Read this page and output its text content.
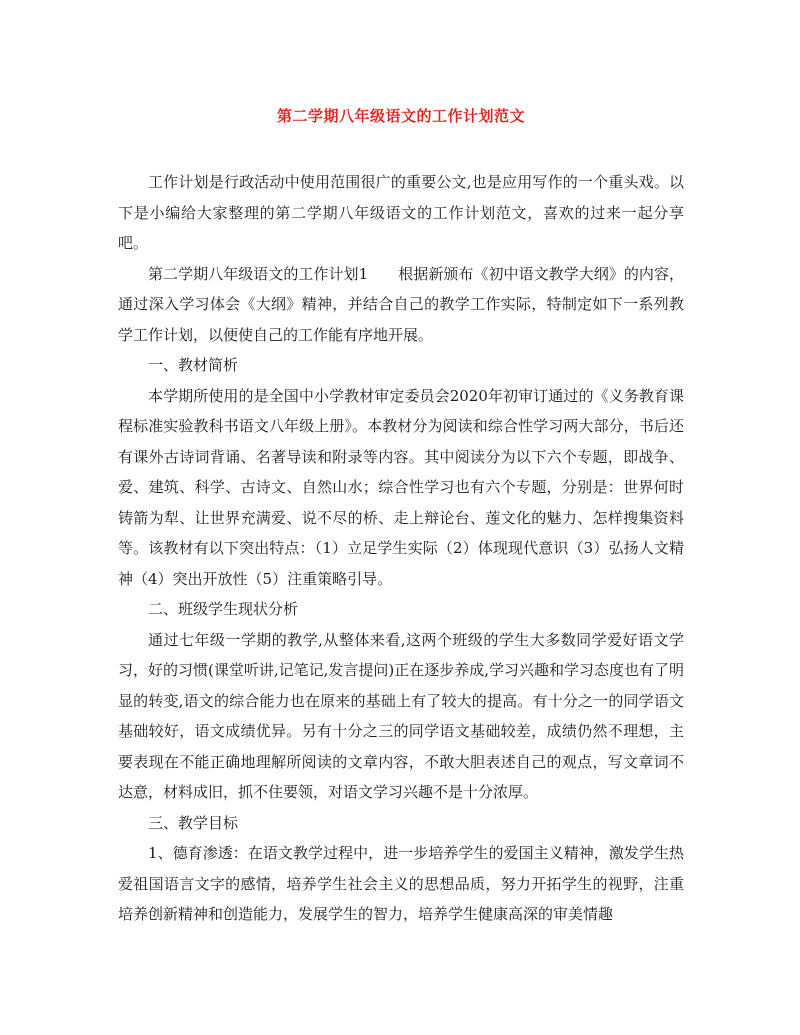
第二学期八年级语文的工作计划范文

工作计划是行政活动中使用范围很广的重要公文,也是应用写作的一个重头戏。以下是小编给大家整理的第二学期八年级语文的工作计划范文，喜欢的过来一起分享吧。

第二学期八年级语文的工作计划1　　根据新颁布《初中语文教学大纲》的内容，通过深入学习体会《大纲》精神，并结合自己的教学工作实际，特制定如下一系列教学工作计划，以便使自己的工作能有序地开展。

一、教材简析

本学期所使用的是全国中小学教材审定委员会2020年初审订通过的《义务教育课程标准实验教科书语文八年级上册》。本教材分为阅读和综合性学习两大部分，书后还有课外古诗词背诵、名著导读和附录等内容。其中阅读分为以下六个专题，即战争、爱、建筑、科学、古诗文、自然山水；综合性学习也有六个专题，分别是：世界何时铸箭为犁、让世界充满爱、说不尽的桥、走上辩论台、莲文化的魅力、怎样搜集资料等。该教材有以下突出特点：（1）立足学生实际（2）体现现代意识（3）弘扬人文精神（4）突出开放性（5）注重策略引导。

二、班级学生现状分析

通过七年级一学期的教学,从整体来看,这两个班级的学生大多数同学爱好语文学习，好的习惯(课堂听讲,记笔记,发言提问)正在逐步养成,学习兴趣和学习态度也有了明显的转变,语文的综合能力也在原来的基础上有了较大的提高。有十分之一的同学语文基础较好，语文成绩优异。另有十分之三的同学语文基础较差，成绩仍然不理想，主要表现在不能正确地理解所阅读的文章内容，不敢大胆表述自己的观点，写文章词不达意，材料成旧，抓不住要领，对语文学习兴趣不是十分浓厚。

三、教学目标

1、德育渗透：在语文教学过程中，进一步培养学生的爱国主义精神，激发学生热爱祖国语言文字的感情，培养学生社会主义的思想品质，努力开拓学生的视野，注重培养创新精神和创造能力，发展学生的智力，培养学生健康高深的审美情趣
